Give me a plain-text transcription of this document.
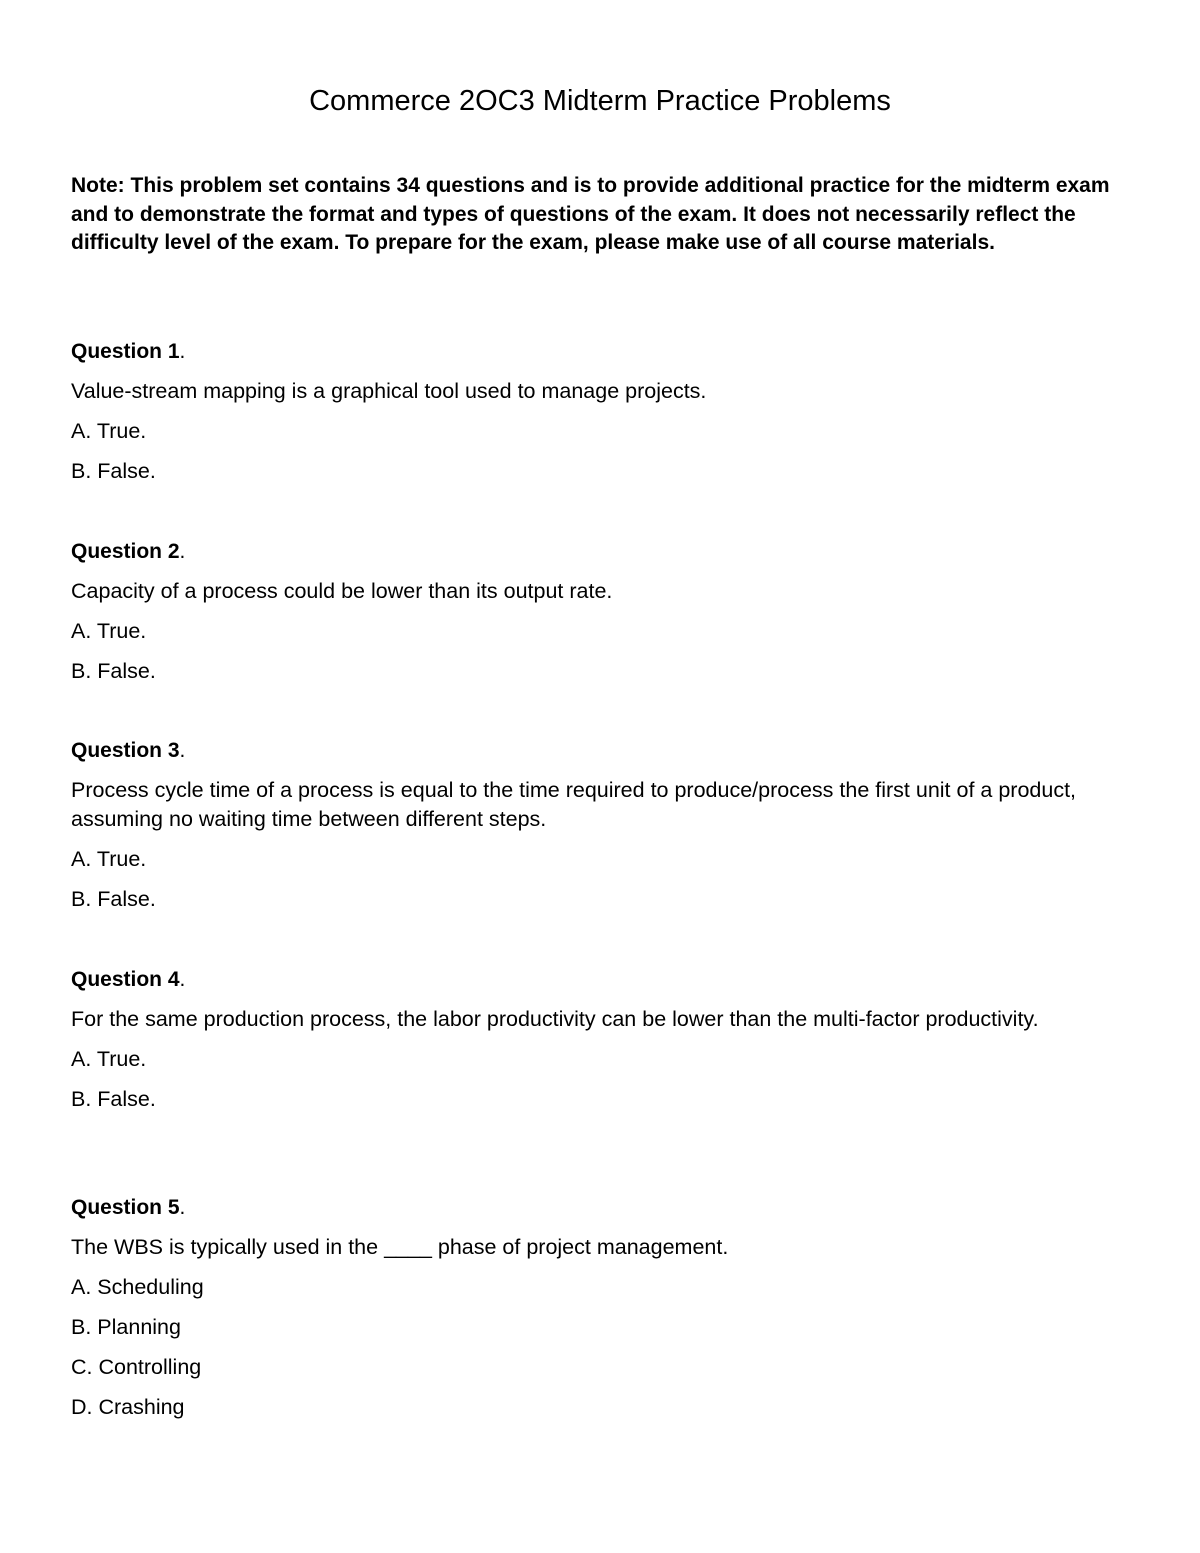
Commerce 2OC3 Midterm Practice Problems

Note: This problem set contains 34 questions and is to provide additional practice for the midterm exam and to demonstrate the format and types of questions of the exam. It does not necessarily reflect the difficulty level of the exam. To prepare for the exam, please make use of all course materials.

Question 1.

Value-stream mapping is a graphical tool used to manage projects.

A. True.
B. False.

Question 2.

Capacity of a process could be lower than its output rate.

A. True.
B. False.

Question 3.

Process cycle time of a process is equal to the time required to produce/process the first unit of a product, assuming no waiting time between different steps.

A. True.
B. False.

Question 4.

For the same production process, the labor productivity can be lower than the multi-factor productivity.

A. True.
B. False.

Question 5.

The WBS is typically used in the ____ phase of project management.

A. Scheduling
B. Planning
C. Controlling
D. Crashing
